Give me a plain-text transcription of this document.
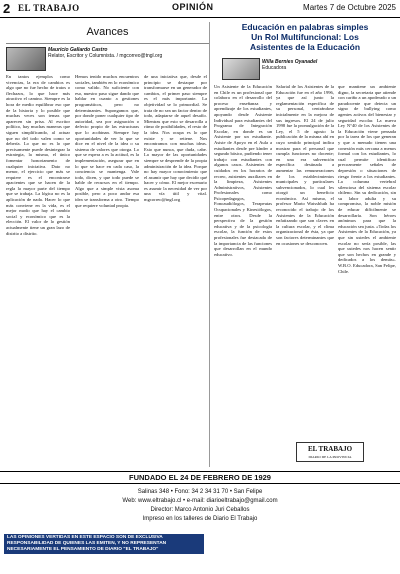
2 EL TRABAJO	OPINIÓN	Martes 7 de Octubre 2025
Avances
Mauricio Gallardo Castro
Relator, Escritor y Columnista. / mgcorreo@tngl.org
En tantos ejemplos como vivencias, la era de cambios es algo que no fue hecho de tratos o flechazos, lo que hace más atractivo el camino. Siempre es la hora de medio equilibrar eso que de la historia y lo posible que muchas veces son temas que aparecen sin prisa. Al escritor político, hay muchas maneras que siguen simplificando, al actuar que no del todo valen como se debería. Lo que no es lo que precisamente puede desintegrar la estrategia, la misma, el único fomentar honoriamento de cualquier iniciativa. Dato no menor, el ejercicio que más se requiere es el encontrarse apacientes que se hacen de la regla la mayor parte del tiempo que se trabaja. La lógica no es la aplicación de nada. Hacer lo que más conviene en la vida, es el mejor modo que hay el cambio social y económico que es la elección. El valor de lo gestión actualmente tiene un gran lazo de distrito a distrito.
Hemos tenido muchos encuentros sociales, también en lo económico como valido. No suficiente con eso, nuestro paso sigue dando que hablar en cuanto a gestiones programáticos, pero no determinantes. Supongamos que, por donde poner cualquier tipo de autoridad, sea por asignación o defecto propio de las estructuras que lo acobinan. Siempre hay oportunidades de ver lo que se dice en el nivel de la idea o su sistema de valores que otorga. Lo que se espera a es la actitud, es la implementación, asegurar que en lo que se hace en cada caso, la conciencia se mantenga. Vale todo, dicen, y que todo puede se hable de recursos en el tiempo. Algo que a simple vista asoma posible, pero a poco andar esa idea se transforma a otro. Tiempo que requiere voluntad propia.
de una iniciativa que, desde el principio se destaque por transformarse en un generador de cambios, el primer paso siempre es el más importante. La objetividad se lo primordial. Se trata de no sea un factor dentro de todo, adaptarse de aquel desafío. Mientras que esto se desarrolla a ritmo de posibilidades, el resto de la idea. Nos ocupa es lo que existe y se retiene. Nos encontramos con muchas ideas. Esto que nunca, que duda, cabe. La mayor de las oportunidades siempre se desprende de la propia administración de la idea. Porque no hay mayor conocimiento que el asumir que hay que decidir qué hacer y cómo. El mejor escenario es asumir la necesidad de ver por una vía útil y vital. mgcorreo@tngl.org
Educación en palabras simples
Un Rol Multifuncional: Los
Asistentes de la Educación
Willa Bernies Oyanadel
Educadora
Un Asistente de la Educación en Chile es un profesional que colabora en el desarrollo del proceso enseñanza y aprendizaje de los estudiantes, apoyando desde Asistente Individual para estudiantes del Programa de Integración Escolar, en donde es un Asistente por un estudiante. Asiste de Apoyo en el Aula a estudiantes desde pre kínder a segundo básico, pudiendo tener trabajo con estudiantes con algunos casos. Asistentes de cuidados en los horarios de recreo, asistentes auxiliares en la limpieza, Asistentes Administrativos, Asistentes Profesionales como Psicopedagogos, Fonoaudiólogos, Terapeutas Ocupacionales y Kinesiólogos, entre otros. Desde la perspectiva de la gestión educativa y de la psicología escolar, la función de estos profesionales fue destacada de la importancia de las funciones que desarrollan en el mundo educativo.
Salarial de los Asistentes de la Educación fue en el año 1996, ya que así junto la reglamentación específica de su personal, centrándose inicialmente en la mejora de sus ingresos. El 24 de julio 1998 fue la promulgación de la Ley, el 5 de agosto la publicación de la misma ahí en cuyo sentido principal indica mostrar para el personal que cumpla funciones no docente; en una era subvención específica destinada a aumentar las remuneraciones de los establecimientos municipales y particulares subvencionados, lo cual les otorgó un beneficio económico. Así mismo, el profesor Mario Waissbluth ha reconocido el trabajo de los Asistentes de la Educación enfatizando que son claves en la cultura escolar, y el clima organizacional de ésta, ya que son factores determinantes que en ocasiones se desconocen.
que mantiene un ambiente digno, la secretaria que atiende con cariño a un apoderado o un paradocente que detecta un signo de bullying como agentes activos del bienestar y seguridad escolar. La nueva Ley N°40 de los Asistentes de la Educación viene pensada por la tarea de los que generan y que a menudo tienen una conexión más cercana a menos formal con los estudiantes, lo cual permite identificar precozmente señales de depresión o situaciones de riesgo frente a los estudiantes. La columna vertebral silenciosa del sistema escolar chileno. Sin su dedicación, sin su labor adulta y su compromiso, la noble misión de educar difícilmente se desarrollaría. Son héroes anónimos para que la educación sea justa. «Todas los Asistentes de la Educación, ya que sin ustedes el ambiente escolar no sería posible, las que ustedes nos hacen sentir que son hechos en grande y dedicados a los demás». W.B.O. Educadora, San Felipe, Chile.
EL TRABAJO
DIARIO DE LA PROVINCIA
FUNDADO EL 24 DE FEBRERO DE 1929
Salinas 348 • Fono: 34 2 34 31 70 • San Felipe
Web: www.eltrabajo.cl • e-mail: diarioeltrabajo@gmail.com
Director: Marco Antonio Juri Ceballos
Impreso en los talleres de Diario El Trabajo
LAS OPINIONES VERTIDAS EN ESTE ESPACIO SON DE EXCLUSIVA RESPONSABILIDAD DE QUIENES LAS EMITEN, Y NO REPRESENTAN NECESARIAMENTE EL PENSAMIENTO DE DIARIO "EL TRABAJO"
